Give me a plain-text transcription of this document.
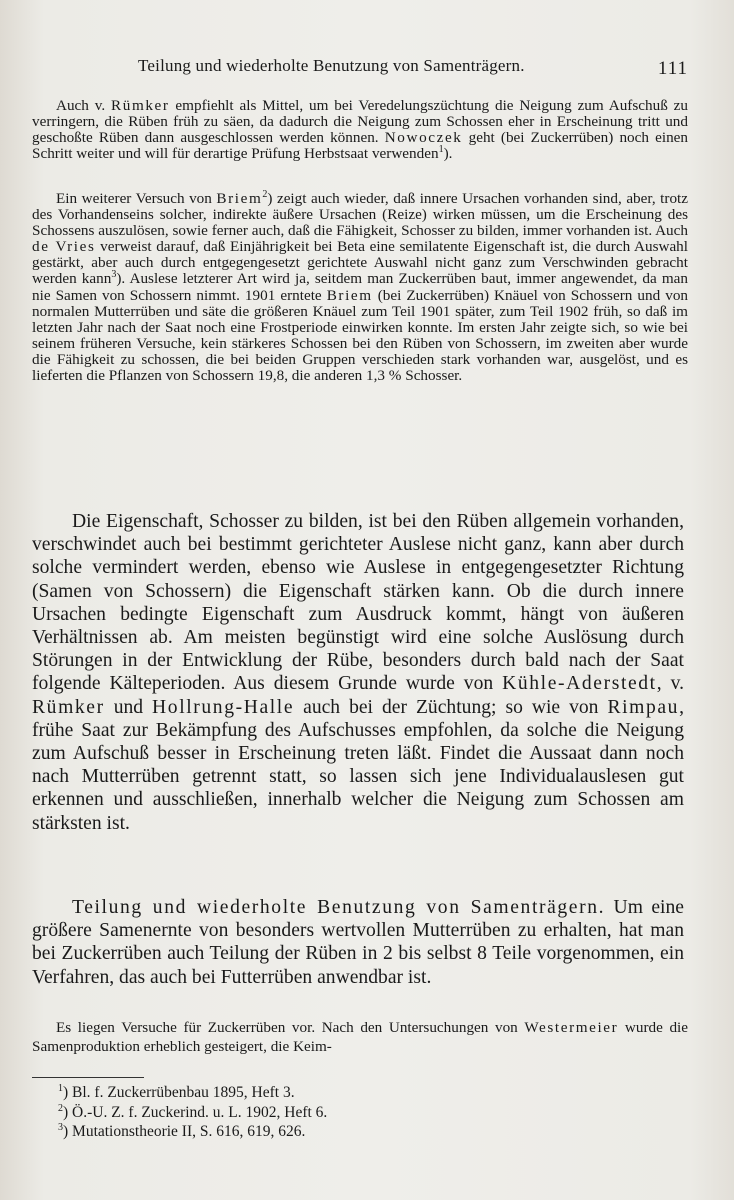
Teilung und wiederholte Benutzung von Samenträgern.	111

Auch v. Rümker empfiehlt als Mittel, um bei Veredelungszüchtung die Neigung zum Aufschuß zu verringern, die Rüben früh zu säen, da dadurch die Neigung zum Schossen eher in Erscheinung tritt und geschoßte Rüben dann ausgeschlossen werden können. Nowoczek geht (bei Zuckerrüben) noch einen Schritt weiter und will für derartige Prüfung Herbstsaat verwenden$^1$).

Ein weiterer Versuch von Briem$^2$) zeigt auch wieder, daß innere Ursachen vorhanden sind, aber, trotz des Vorhandenseins solcher, indirekte äußere Ursachen (Reize) wirken müssen, um die Erscheinung des Schossens auszulösen, sowie ferner auch, daß die Fähigkeit, Schosser zu bilden, immer vorhanden ist. Auch de Vries verweist darauf, daß Einjährigkeit bei Beta eine semilatente Eigenschaft ist, die durch Auswahl gestärkt, aber auch durch entgegengesetzt gerichtete Auswahl nicht ganz zum Verschwinden gebracht werden kann$^3$). Auslese letzterer Art wird ja, seitdem man Zuckerrüben baut, immer angewendet, da man nie Samen von Schossern nimmt. 1901 erntete Briem (bei Zuckerrüben) Knäuel von Schossern und von normalen Mutterrüben und säte die größeren Knäuel zum Teil 1901 später, zum Teil 1902 früh, so daß im letzten Jahr nach der Saat noch eine Frostperiode einwirken konnte. Im ersten Jahr zeigte sich, so wie bei seinem früheren Versuche, kein stärkeres Schossen bei den Rüben von Schossern, im zweiten aber wurde die Fähigkeit zu schossen, die bei beiden Gruppen verschieden stark vorhanden war, ausgelöst, und es lieferten die Pflanzen von Schossern 19,8, die anderen 1,3 % Schosser.

Die Eigenschaft, Schosser zu bilden, ist bei den Rüben allgemein vorhanden, verschwindet auch bei bestimmt gerichteter Auslese nicht ganz, kann aber durch solche vermindert werden, ebenso wie Auslese in entgegengesetzter Richtung (Samen von Schossern) die Eigenschaft stärken kann. Ob die durch innere Ursachen bedingte Eigenschaft zum Ausdruck kommt, hängt von äußeren Verhältnissen ab. Am meisten begünstigt wird eine solche Auslösung durch Störungen in der Entwicklung der Rübe, besonders durch bald nach der Saat folgende Kälteperioden. Aus diesem Grunde wurde von Kühle-Aderstedt, v. Rümker und Hollrung-Halle auch bei der Züchtung; so wie von Rimpau, frühe Saat zur Bekämpfung des Aufschusses empfohlen, da solche die Neigung zum Aufschuß besser in Erscheinung treten läßt. Findet die Aussaat dann noch nach Mutterrüben getrennt statt, so lassen sich jene Individualauslesen gut erkennen und ausschließen, innerhalb welcher die Neigung zum Schossen am stärksten ist.

Teilung und wiederholte Benutzung von Samenträgern. Um eine größere Samenernte von besonders wertvollen Mutterrüben zu erhalten, hat man bei Zuckerrüben auch Teilung der Rüben in 2 bis selbst 8 Teile vorgenommen, ein Verfahren, das auch bei Futterrüben anwendbar ist.

Es liegen Versuche für Zuckerrüben vor. Nach den Untersuchungen von Westermeier wurde die Samenproduktion erheblich gesteigert, die Keim-

$^1$) Bl. f. Zuckerrübenbau 1895, Heft 3.
$^2$) Ö.-U. Z. f. Zuckerind. u. L. 1902, Heft 6.
$^3$) Mutationstheorie II, S. 616, 619, 626.
